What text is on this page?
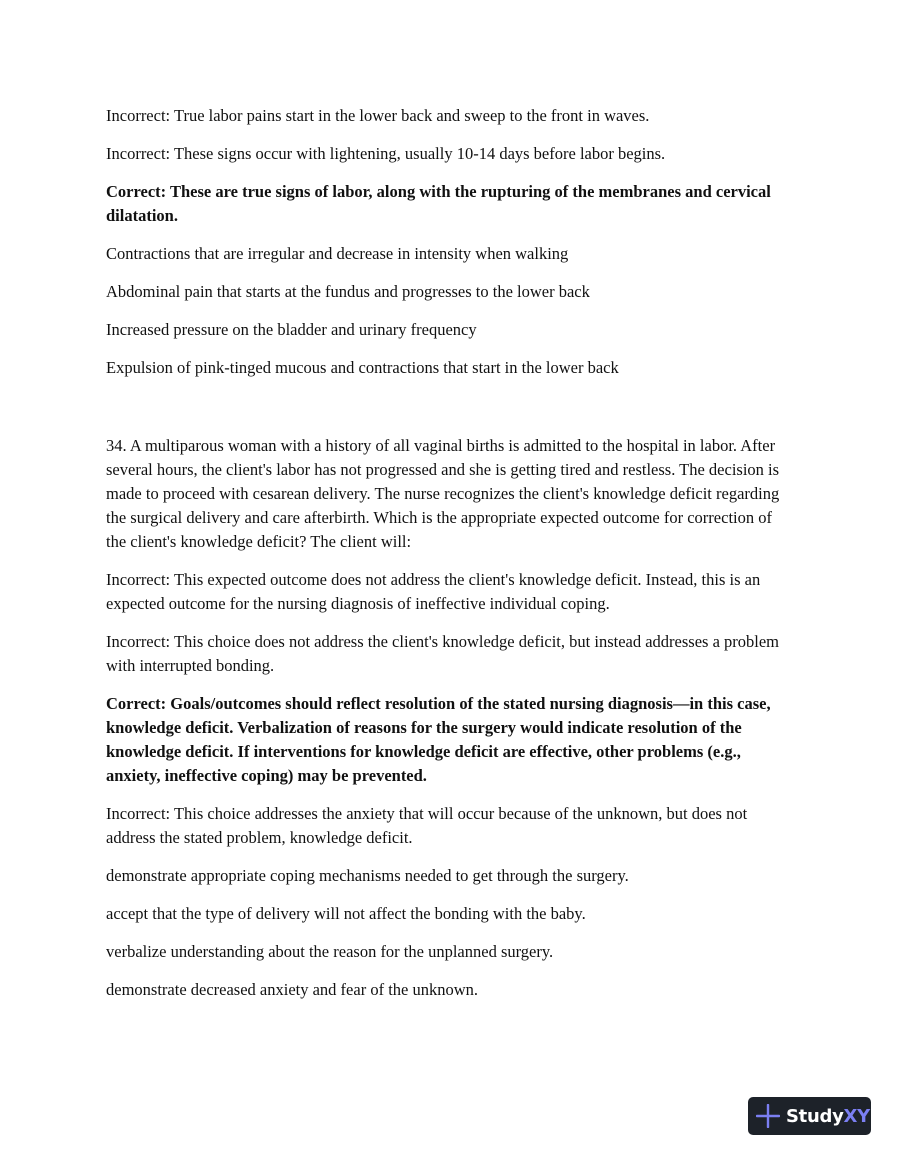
Incorrect: True labor pains start in the lower back and sweep to the front in waves.

Incorrect: These signs occur with lightening, usually 10-14 days before labor begins.

Correct: These are true signs of labor, along with the rupturing of the membranes and cervical dilatation.

Contractions that are irregular and decrease in intensity when walking

Abdominal pain that starts at the fundus and progresses to the lower back

Increased pressure on the bladder and urinary frequency

Expulsion of pink-tinged mucous and contractions that start in the lower back

34. A multiparous woman with a history of all vaginal births is admitted to the hospital in labor. After several hours, the client's labor has not progressed and she is getting tired and restless. The decision is made to proceed with cesarean delivery. The nurse recognizes the client's knowledge deficit regarding the surgical delivery and care afterbirth. Which is the appropriate expected outcome for correction of the client's knowledge deficit? The client will:

Incorrect: This expected outcome does not address the client's knowledge deficit. Instead, this is an expected outcome for the nursing diagnosis of ineffective individual coping.

Incorrect: This choice does not address the client's knowledge deficit, but instead addresses a problem with interrupted bonding.

Correct: Goals/outcomes should reflect resolution of the stated nursing diagnosis—in this case, knowledge deficit. Verbalization of reasons for the surgery would indicate resolution of the knowledge deficit. If interventions for knowledge deficit are effective, other problems (e.g., anxiety, ineffective coping) may be prevented.

Incorrect: This choice addresses the anxiety that will occur because of the unknown, but does not address the stated problem, knowledge deficit.

demonstrate appropriate coping mechanisms needed to get through the surgery.

accept that the type of delivery will not affect the bonding with the baby.

verbalize understanding about the reason for the unplanned surgery.

demonstrate decreased anxiety and fear of the unknown.

StudyXY
